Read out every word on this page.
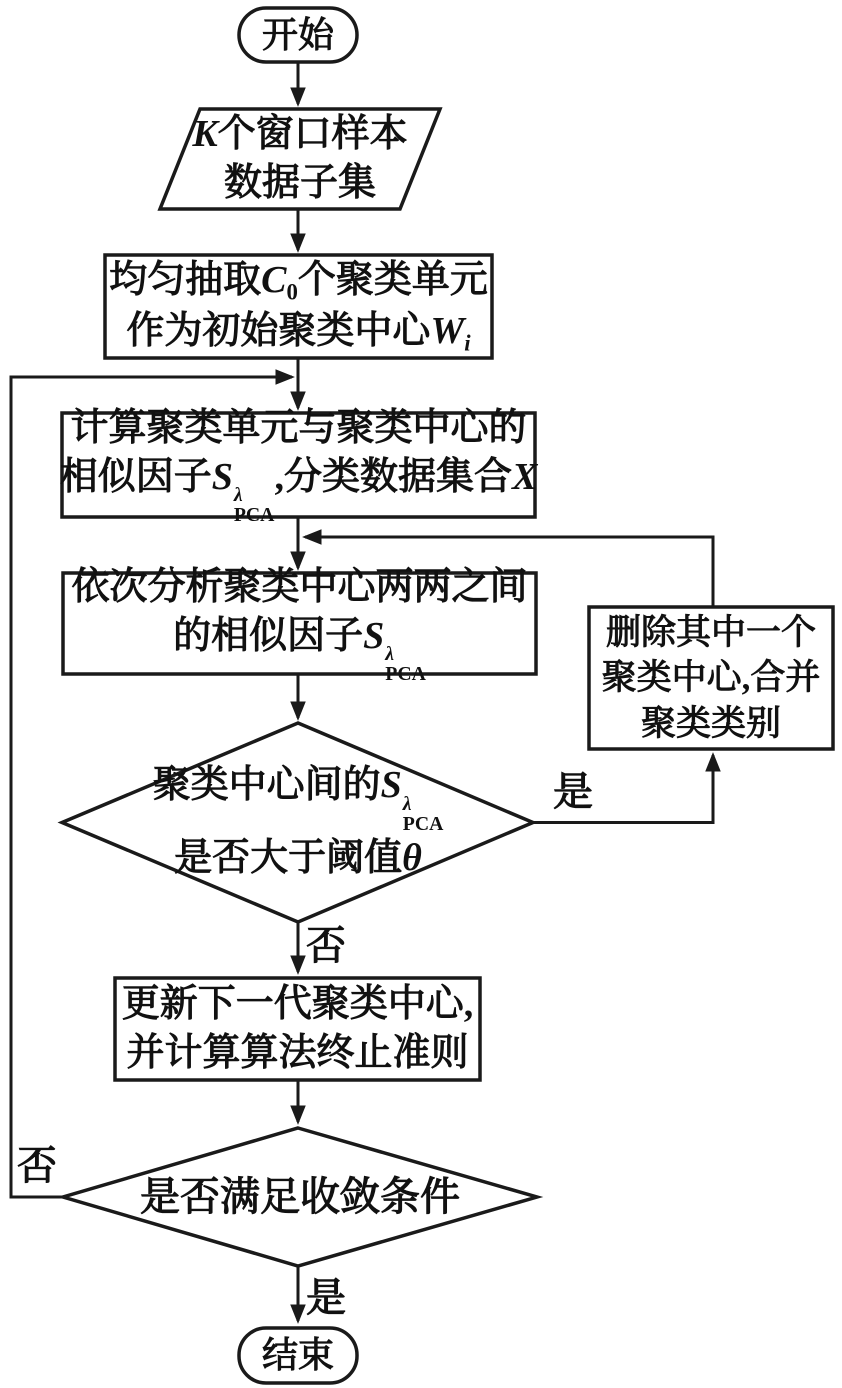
开始
K个窗口样本
数据子集
均匀抽取C0个聚类单元
作为初始聚类中心Wi
计算聚类单元与聚类中心的
相似因子S λ
PCA
,分类数据集合X
依次分析聚类中心两两之间
的相似因子S λ
PCA
聚类中心间的S λ
PCA
是否大于阈值θ
删除其中一个
聚类中心,合并
聚类类别
更新下一代聚类中心,
并计算算法终止准则
是否满足收敛条件
结束
是
否
否
是
